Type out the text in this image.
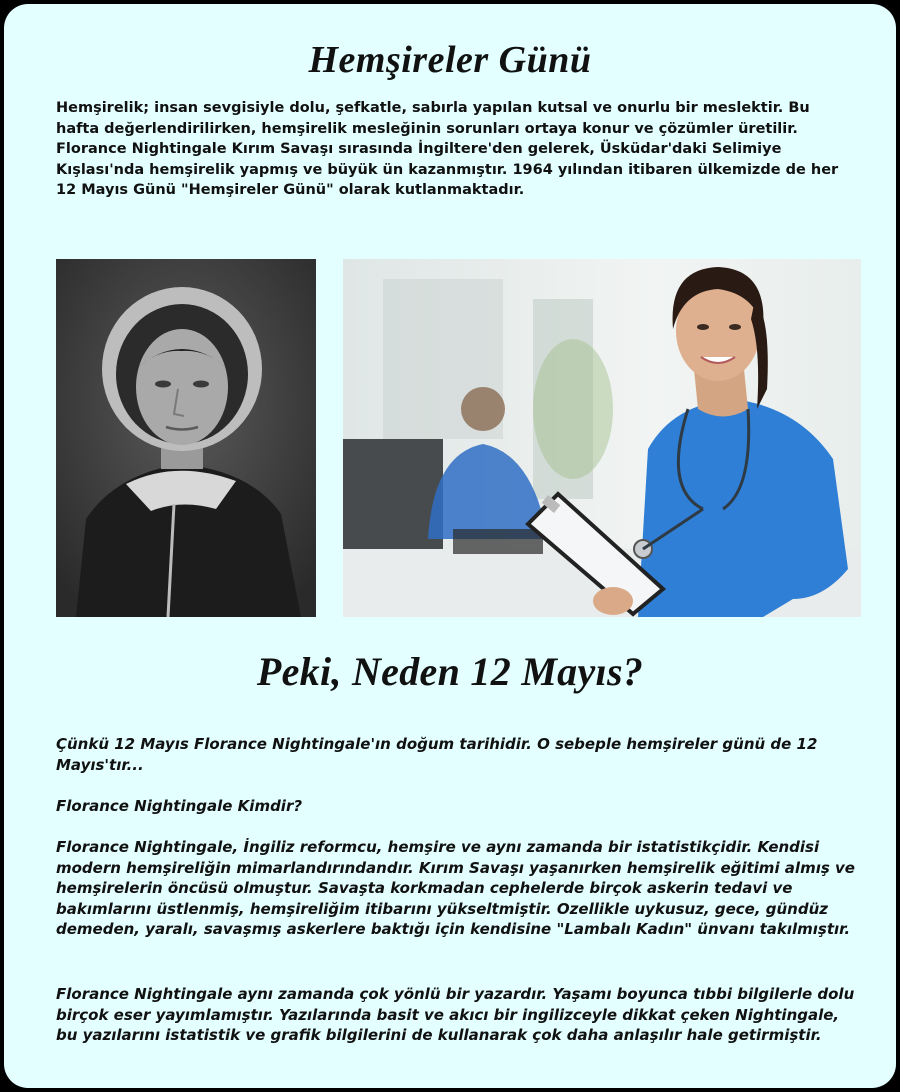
Hemşireler Günü

Hemşirelik; insan sevgisiyle dolu, şefkatle, sabırla yapılan kutsal ve onurlu bir meslektir. Bu hafta değerlendirilirken, hemşirelik mesleğinin sorunları ortaya konur ve çözümler üretilir. Florance Nightingale Kırım Savaşı sırasında İngiltere'den gelerek, Üsküdar'daki Selimiye Kışlası'nda hemşirelik yapmış ve büyük ün kazanmıştır. 1964 yılından itibaren ülkemizde de her 12 Mayıs Günü "Hemşireler Günü" olarak kutlanmaktadır.

Peki, Neden 12 Mayıs?

Çünkü 12 Mayıs Florance Nightingale'ın doğum tarihidir. O sebeple hemşireler günü de 12 Mayıs'tır...

Florance Nightingale Kimdir?

Florance Nightingale, İngiliz reformcu, hemşire ve aynı zamanda bir istatistikçidir. Kendisi modern hemşireliğin mimarlandırındandır. Kırım Savaşı yaşanırken hemşirelik eğitimi almış ve hemşirelerin öncüsü olmuştur. Savaşta korkmadan cephelerde birçok askerin tedavi ve bakımlarını üstlenmiş, hemşireliğim itibarını yükseltmiştir. Ozellikle uykusuz, gece, gündüz demeden, yaralı, savaşmış askerlere baktığı için kendisine "Lambalı Kadın" ünvanı takılmıştır.

Florance Nightingale aynı zamanda çok yönlü bir yazardır. Yaşamı boyunca tıbbi bilgilerle dolu birçok eser yayımlamıştır. Yazılarında basit ve akıcı bir ingilizceyle dikkat çeken Nightingale, bu yazılarını istatistik ve grafik bilgilerini de kullanarak çok daha anlaşılır hale getirmiştir.
